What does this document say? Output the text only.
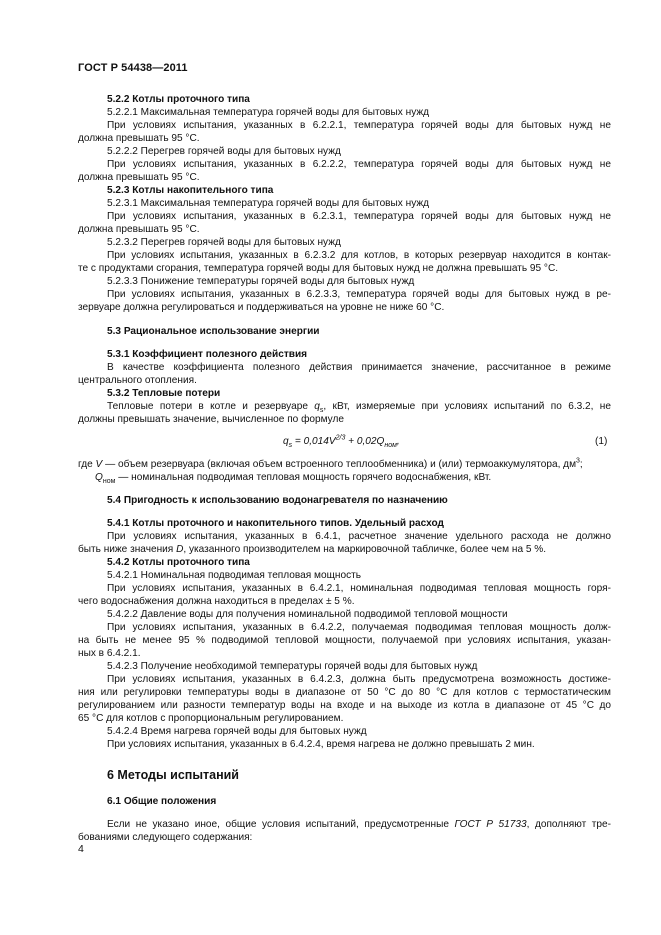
ГОСТ Р 54438—2011
5.2.2 Котлы проточного типа
5.2.2.1 Максимальная температура горячей воды для бытовых нужд
При условиях испытания, указанных в 6.2.2.1, температура горячей воды для бытовых нужд не
должна превышать 95 °С.
5.2.2.2 Перегрев горячей воды для бытовых нужд
При условиях испытания, указанных в 6.2.2.2, температура горячей воды для бытовых нужд не
должна превышать 95 °С.
5.2.3 Котлы накопительного типа
5.2.3.1 Максимальная температура горячей воды для бытовых нужд
При условиях испытания, указанных в 6.2.3.1, температура горячей воды для бытовых нужд не
должна превышать 95 °С.
5.2.3.2 Перегрев горячей воды для бытовых нужд
При условиях испытания, указанных в 6.2.3.2 для котлов, в которых резервуар находится в контак-
те с продуктами сгорания, температура горячей воды для бытовых нужд не должна превышать 95 °С.
5.2.3.3 Понижение температуры горячей воды для бытовых нужд
При условиях испытания, указанных в 6.2.3.3, температура горячей воды для бытовых нужд в ре-
зервуаре должна регулироваться и поддерживаться на уровне не ниже 60 °С.
5.3 Рациональное использование энергии
5.3.1 Коэффициент полезного действия
В качестве коэффициента полезного действия принимается значение, рассчитанное в режиме
центрального отопления.
5.3.2 Тепловые потери
Тепловые потери в котле и резервуаре $q_s$, кВт, измеряемые при условиях испытаний по 6.3.2, не
должны превышать значение, вычисленное по формуле
$q_s = 0,014V^{2/3} + 0,02Q_{ном}$,	(1)
где V — объем резервуара (включая объем встроенного теплообменника) и (или) термоаккумулятора, $дм^3$;
$Q_{ном}$ — номинальная подводимая тепловая мощность горячего водоснабжения, кВт.
5.4 Пригодность к использованию водонагревателя по назначению
5.4.1 Котлы проточного и накопительного типов. Удельный расход
При условиях испытания, указанных в 6.4.1, расчетное значение удельного расхода не должно
быть ниже значения D, указанного производителем на маркировочной табличке, более чем на 5 %.
5.4.2 Котлы проточного типа
5.4.2.1 Номинальная подводимая тепловая мощность
При условиях испытания, указанных в 6.4.2.1, номинальная подводимая тепловая мощность горя-
чего водоснабжения должна находиться в пределах ± 5 %.
5.4.2.2 Давление воды для получения номинальной подводимой тепловой мощности
При условиях испытания, указанных в 6.4.2.2, получаемая подводимая тепловая мощность долж-
на быть не менее 95 % подводимой тепловой мощности, получаемой при условиях испытания, указан-
ных в 6.4.2.1.
5.4.2.3 Получение необходимой температуры горячей воды для бытовых нужд
При условиях испытания, указанных в 6.4.2.3, должна быть предусмотрена возможность достиже-
ния или регулировки температуры воды в диапазоне от 50 °С до 80 °С для котлов с термостатическим
регулированием или разности температур воды на входе и на выходе из котла в диапазоне от 45 °С до
65 °С для котлов с пропорциональным регулированием.
5.4.2.4 Время нагрева горячей воды для бытовых нужд
При условиях испытания, указанных в 6.4.2.4, время нагрева не должно превышать 2 мин.
6 Методы испытаний
6.1 Общие положения
Если не указано иное, общие условия испытаний, предусмотренные ГОСТ Р 51733, дополняют тре-
бованиями следующего содержания:
4
